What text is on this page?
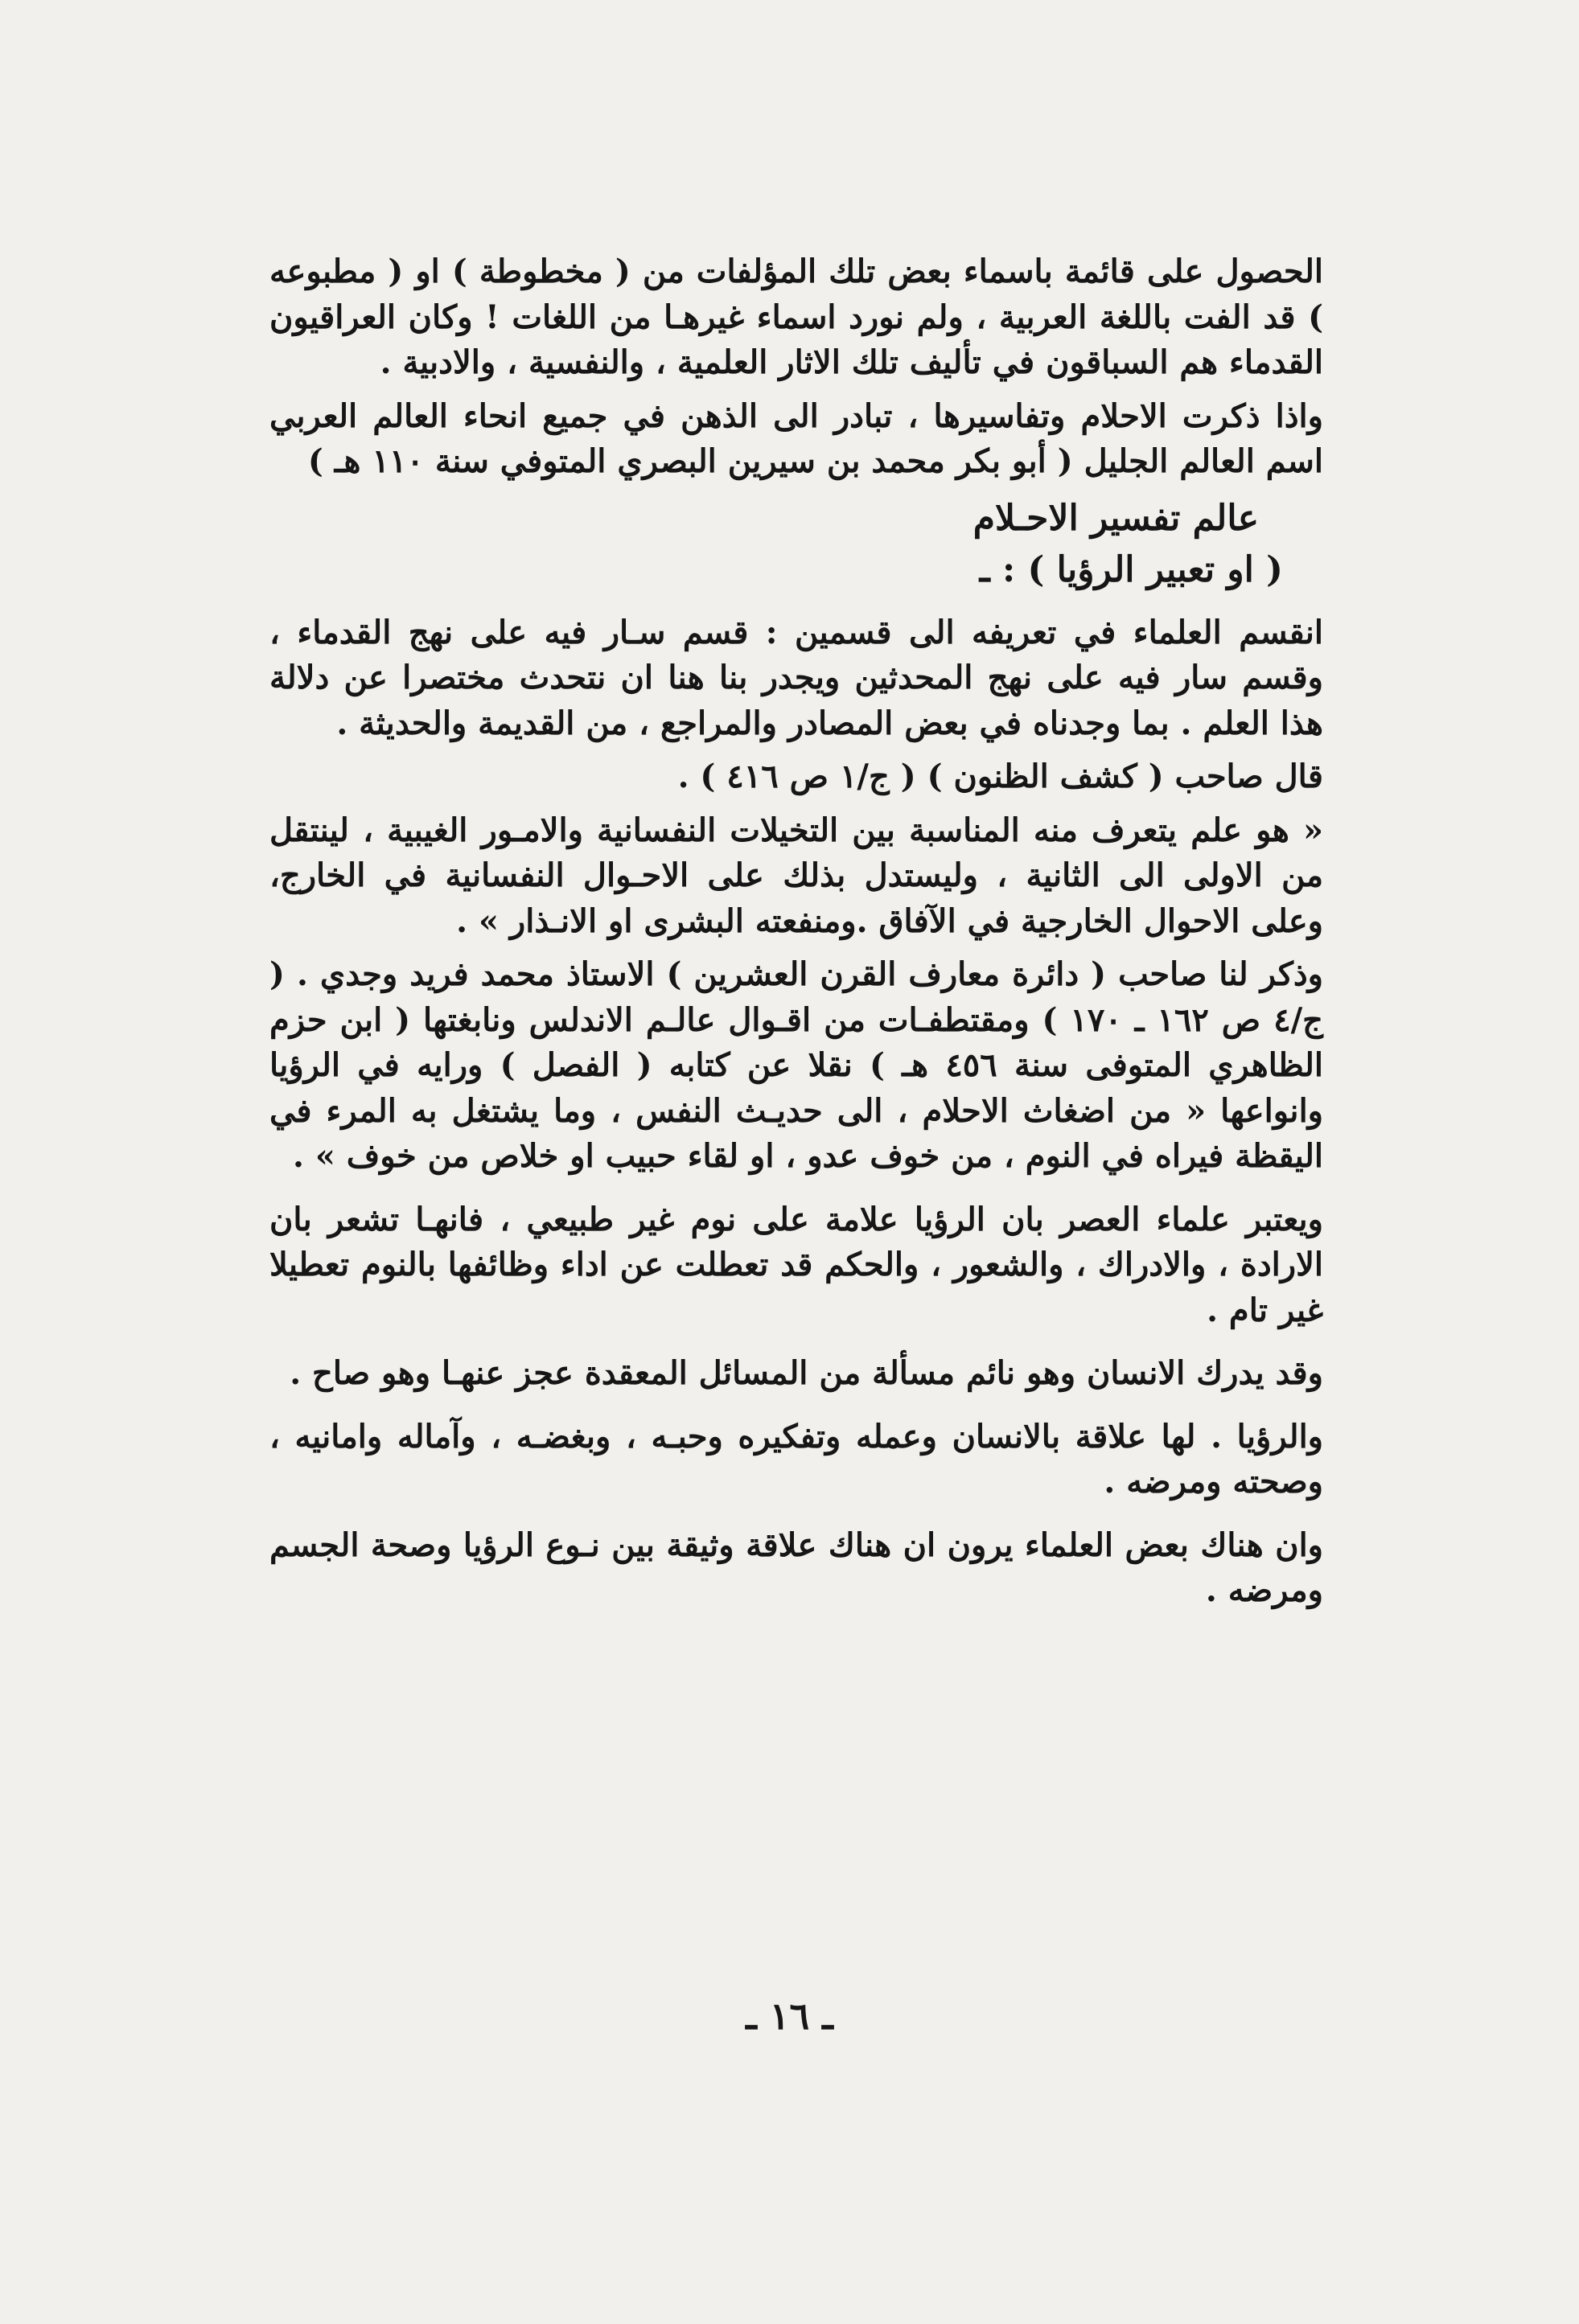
الحصول على قائمة باسماء بعض تلك المؤلفات من ( مخطوطة ) او ( مطبوعه ) قد الفت باللغة العربية ، ولم نورد اسماء غيرهـا من اللغات ! وكان العراقيون القدماء هم السباقون في تأليف تلك الاثار العلمية ، والنفسية ، والادبية .

واذا ذكرت الاحلام وتفاسيرها ، تبادر الى الذهن في جميع انحاء العالم العربي اسم العالم الجليل ( أبو بكر محمد بن سيرين البصري المتوفي سنة ١١٠ هـ )

عالم تفسير الاحـلام

( او تعبير الرؤيا ) : ـ

انقسم العلماء في تعريفه الى قسمين : قسم سـار فيه على نهج القدماء ، وقسم سار فيه على نهج المحدثين ويجدر بنا هنا ان نتحدث مختصرا عن دلالة هذا العلم . بما وجدناه في بعض المصادر والمراجع ، من القديمة والحديثة .

قال صاحب ( كشف الظنون ) ( ج/١ ص ٤١٦ ) .

« هو علم يتعرف منه المناسبة بين التخيلات النفسانية والامـور الغيبية ، لينتقل من الاولى الى الثانية ، وليستدل بذلك على الاحـوال النفسانية في الخارج، وعلى الاحوال الخارجية في الآفاق .ومنفعته البشرى او الانـذار » .

وذكر لنا صاحب ( دائرة معارف القرن العشرين ) الاستاذ محمد فريد وجدي . ( ج/٤ ص ١٦٢ ـ ١٧٠ ) ومقتطفـات من اقـوال عالـم الاندلس ونابغتها ( ابن حزم الظاهري المتوفى سنة ٤٥٦ هـ ) نقلا عن كتابه ( الفصل ) ورايه في الرؤيا وانواعها « من اضغاث الاحلام ، الى حديـث النفس ، وما يشتغل به المرء في اليقظة فيراه في النوم ، من خوف عدو ، او لقاء حبيب او خلاص من خوف » .

ويعتبر علماء العصر بان الرؤيا علامة على نوم غير طبيعي ، فانهـا تشعر بان الارادة ، والادراك ، والشعور ، والحكم قد تعطلت عن اداء وظائفها بالنوم تعطيلا غير تام .

وقد يدرك الانسان وهو نائم مسألة من المسائل المعقدة عجز عنهـا وهو صاح .

والرؤيا . لها علاقة بالانسان وعمله وتفكيره وحبـه ، وبغضـه ، وآماله وامانيه ، وصحته ومرضه .

وان هناك بعض العلماء يرون ان هناك علاقة وثيقة بين نـوع الرؤيا وصحة الجسم ومرضه .

ـ ١٦ ـ
